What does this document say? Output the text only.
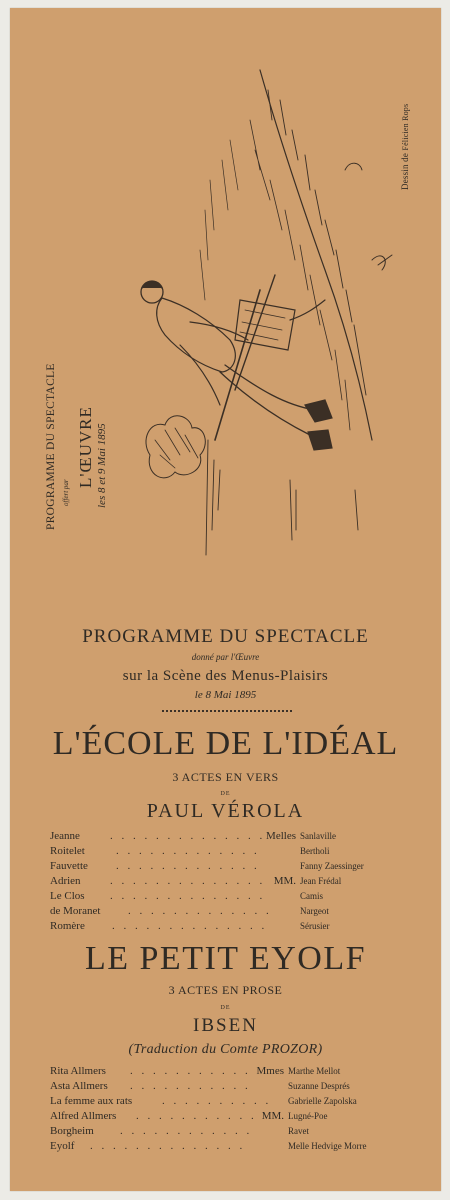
Dessin de Félicien Rops
PROGRAMME DU SPECTACLE offert par
L'ŒUVRE les 8 et 9 Mai 1895
PROGRAMME DU SPECTACLE
donné par l'Œuvre
sur la Scène des Menus-Plaisirs
le 8 Mai 1895
L'ÉCOLE DE L'IDÉAL
3 ACTES EN VERS
DE
PAUL VÉROLA
Jeanne	. . . . . . . . . . . . . . Melles Sanlaville
Roitelet	. . . . . . . . . . . . .	Bertholi
Fauvette	. . . . . . . . . . . . .	Fanny Zaessinger
Adrien	. . . . . . . . . . . . . . MM. Jean Frédal
Le Clos . . . . . . . . . . . . . .	Camis
de Moranet	. . . . . . . . . . . . .	Nargeot
Romère . . . . . . . . . . . . . .	Sérusier
LE PETIT EYOLF
3 ACTES EN PROSE
DE
IBSEN
(Traduction du Comte PROZOR)
Rita Allmers . . . . . . . . . . . Mmes Marthe Mellot
Asta Allmers . . . . . . . . . . .	Suzanne Després
La femme aux rats	. . . . . . . . . . Gabrielle Zapolska
Alfred Allmers . . . . . . . . . . . MM. Lugné-Poe
Borgheim . . . . . . . . . . . .	Ravet
Eyolf . . . . . . . . . . . . . .	Melle Hedvige Morre
